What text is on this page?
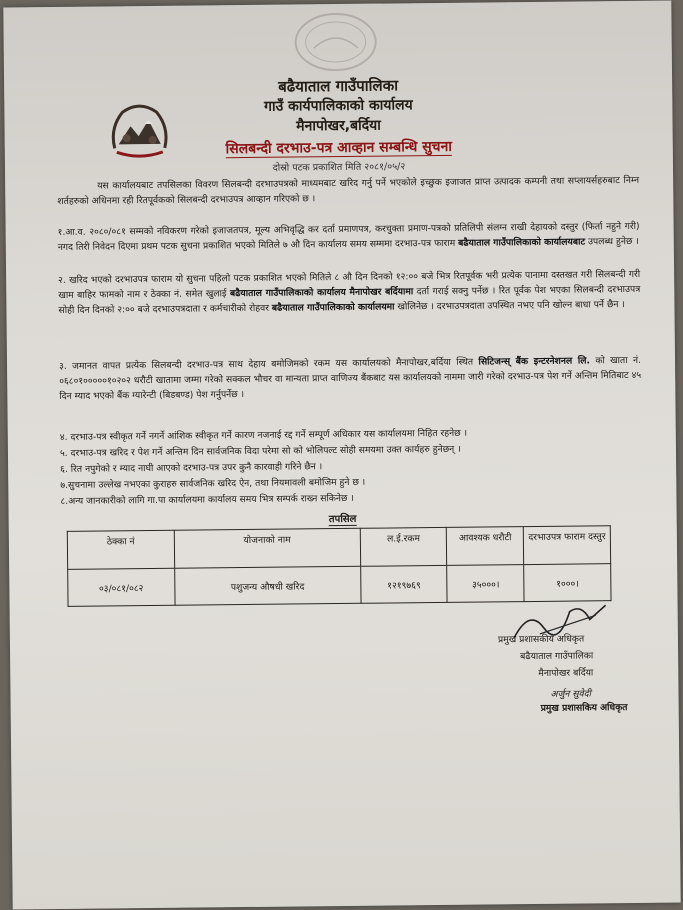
बढैयाताल गाउँपालिका
गाउँ कार्यपालिकाको कार्यालय
मैनापोखर,बर्दिया
सिलबन्दी दरभाउ-पत्र आव्हान सम्बन्धि सुचना
दोस्रो पटक प्रकाशित मिति २०८१/०५/२
यस कार्यालयबाट तपसिलका विवरण सिलबन्दी दरभाउपत्रको माध्यमबाट खरिद गर्नु पर्ने भएकोले इच्छुक इजाजत प्राप्त उत्पादक कम्पनी तथा सप्लायर्सहरुबाट निम्न शर्तहरुको अधिनमा रही रितपूर्वकको सिलबन्दी दरभाउपत्र आव्हान गरिएको छ ।
१.आ.व. २०८०/०८१ सम्मको नविकरण गरेको इजाजतपत्र, मूल्य अभिवृद्धि कर दर्ता प्रमाणपत्र, करचुक्ता प्रमाण-पत्रको प्रतिलिपी संलग्न राखी देहायको दस्तुर (फिर्ता नहुने गरी) नगद तिरी निवेदन दिएमा प्रथम पटक सुचना प्रकाशित भएको मितिले ७ औ दिन कार्यालय समय सम्ममा दरभाउ-पत्र फाराम बढैयाताल गाउँपालिकाको कार्यालयबाट उपलब्ध हुनेछ ।
२. खरिद भएको दरभाउपत्र फाराम यो सुचना पहिलो पटक प्रकाशित भएको मितिले ८ औ दिन दिनको १२:०० बजे भित्र रितपूर्वक भरी प्रत्येक पानामा दस्तखत गरी सिलबन्दी गरी खाम बाहिर फामको नाम र ठेक्का नं. समेत खुलाई बढैयाताल गाउँपालिकाको कार्यालय मैनापोखर बर्दियामा दर्ता गराई सक्नु पर्नेछ । रित पूर्वक पेश भएका सिलबन्दी दरभाउपत्र सोही दिन दिनको २:०० बजे दरभाउपत्रदाता र कर्मचारीको रोहवर बढैयाताल गाउँपालिकाको कार्यालयमा खोलिनेछ । दरभाउपत्रदाता उपस्थित नभए पनि खोल्न बाधा पर्ने छैन ।
३. जमानत वापत प्रत्येक सिलबन्दी दरभाउ-पत्र साथ देहाय बमोजिमको रकम यस कार्यालयको मैनापोखर,बर्दिया स्थित सिटिजन्स् बैंक इन्टरनेशनल लि. को खाता नं. ०६८०१०००००१०२०२ धरौटी खातामा जम्मा गरेको सक्कल भौचर वा मान्यता प्राप्त वाणिज्य बैंकबाट यस कार्यालयको नाममा जारी गरेको दरभाउ-पत्र पेश गर्ने अन्तिम मितिबाट ४५ दिन म्याद भएको बैंक ग्यारेन्टी (बिडबण्ड) पेश गर्नुपर्नेछ ।
४. दरभाउ-पत्र स्वीकृत गर्ने नगर्ने आंशिक स्वीकृत गर्ने कारण नजनाई रद्द गर्ने सम्पूर्ण अधिकार यस कार्यालयमा निहित रहनेछ ।
५. दरभाउ-पत्र खरिद र पेश गर्ने अन्तिम दिन सार्वजनिक विदा परेमा सो को भोलिपल्ट सोही समयमा उक्त कार्यहरु हुनेछन् ।
६. रित नपुगेको र म्याद नाघी आएको दरभाउ-पत्र उपर कुनै कारवाही गरिने छैन ।
७.सुचनामा उल्लेख नभएका कुराहरु सार्वजनिक खरिद ऐन, तथा नियमावली बमोजिम हुने छ ।
८.अन्य जानकारीको लागि गा.पा कार्यालयमा कार्यालय समय भित्र सम्पर्क राख्न सकिनेछ ।
तपसिल
ठेक्का नं	योजनाको नाम	ल.ई.रकम	आवश्यक धरौटी	दरभाउपत्र फाराम दस्तुर
०३/०८१/०८२	पशुजन्य औषधी खरिद	१२१९७६९	३५०००।	१०००।
प्रमुख प्रशासकीय अधिकृत
बढैयाताल गाउँपालिका
मैनापोखर बर्दिया
अर्जुन सुवेदी
प्रमुख प्रशासकिय अधिकृत
